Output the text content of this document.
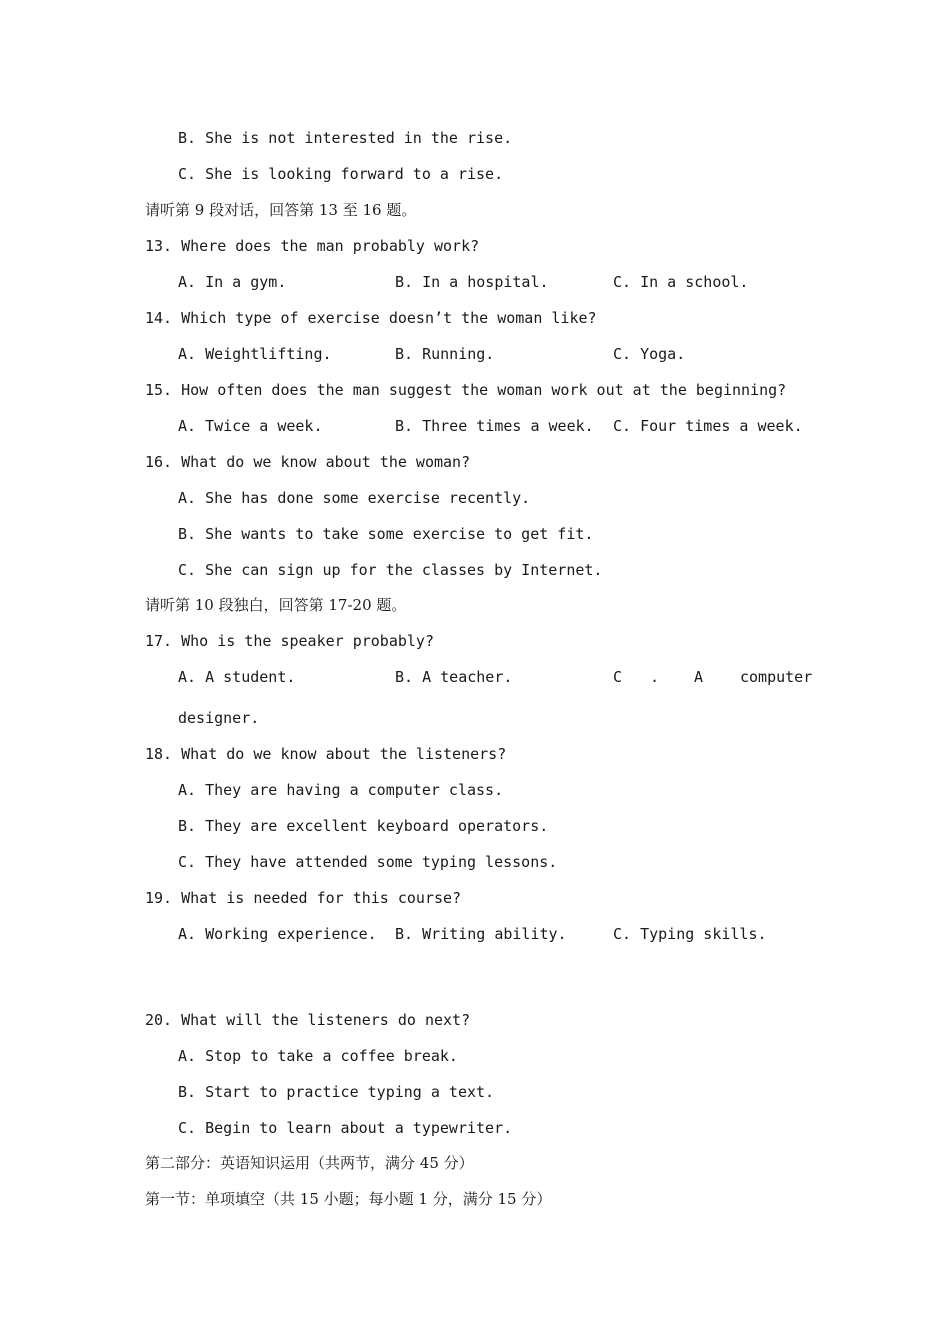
B. She is not interested in the rise.
C. She is looking forward to a rise.
请听第 9 段对话，回答第 13 至 16 题。
13. Where does the man probably work?
A. In a gym.	B. In a hospital.	C. In a school.
14. Which type of exercise doesn’t the woman like?
A. Weightlifting.	B. Running.	C. Yoga.
15. How often does the man suggest the woman work out at the beginning?
A. Twice a week.	B. Three times a week. C. Four times a week.
16. What do we know about the woman?
A. She has done some exercise recently.
B. She wants to take some exercise to get fit.
C. She can sign up for the classes by Internet.
请听第 10 段独白，回答第 17-20 题。
17. Who is the speaker probably?
A. A student.	B. A teacher.	C . A computer
designer.
18. What do we know about the listeners?
A. They are having a computer class.
B. They are excellent keyboard operators.
C. They have attended some typing lessons.
19. What is needed for this course?
A. Working experience. B. Writing ability.	C. Typing skills.
20. What will the listeners do next?
A. Stop to take a coffee break.
B. Start to practice typing a text.
C. Begin to learn about a typewriter.
第二部分：英语知识运用（共两节，满分 45 分）
第一节：单项填空（共 15 小题；每小题 1 分，满分 15 分）
